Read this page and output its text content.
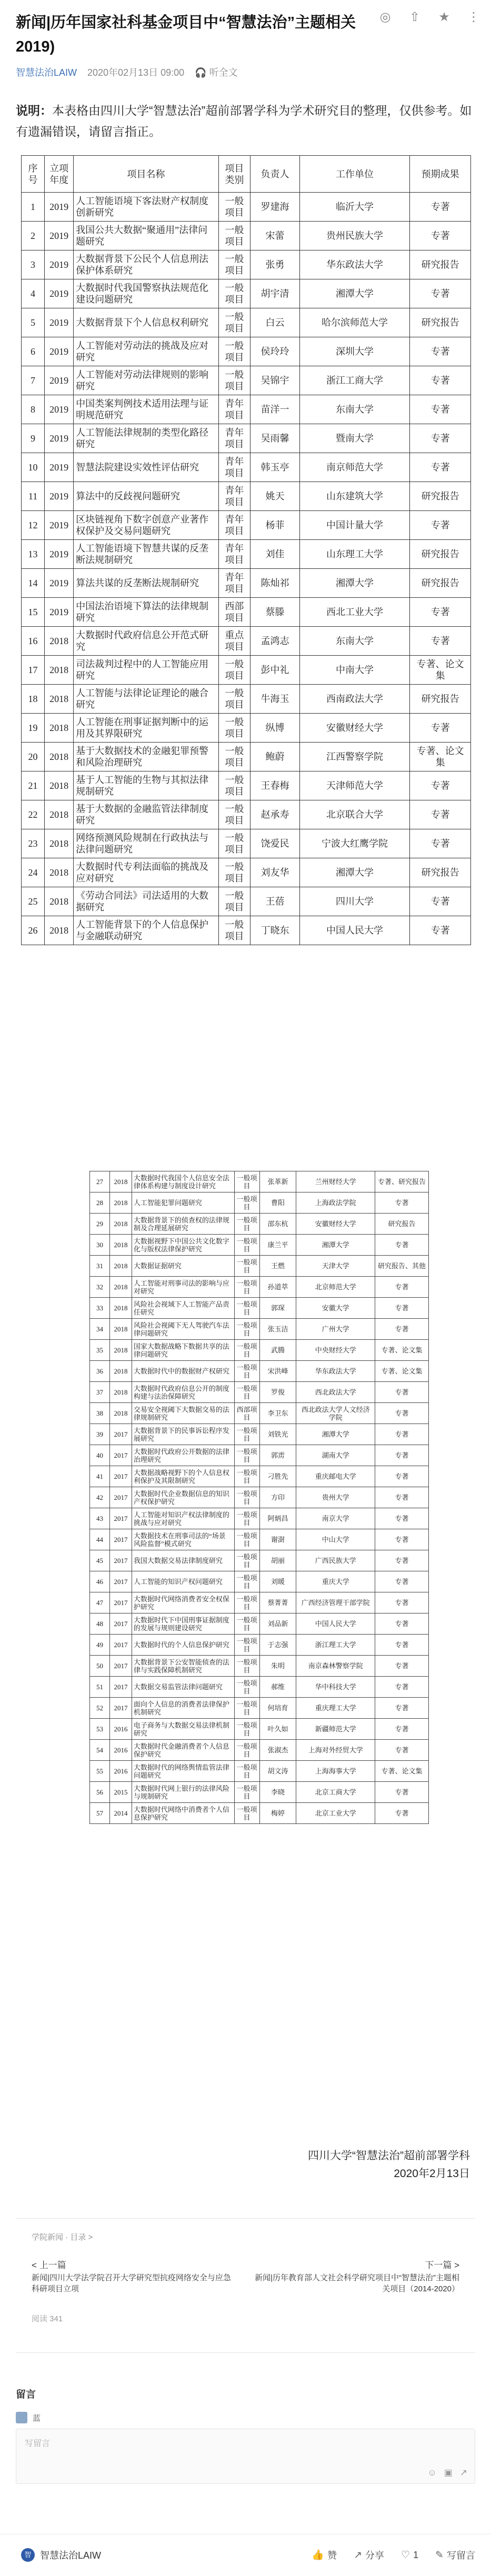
新闻|历年国家社科基金项目中“智慧法治”主题相关 2019)
◎ ⇧ ★ ⋮
智慧法治LAIW 2020年02月13日 09:00 🎧 听全文
说明：本表格由四川大学“智慧法治”超前部署学科为学术研究目的整理，仅供参考。如有遗漏错误，请留言指正。
序号	立项年度	项目名称	项目类别	负责人	工作单位	预期成果
1	2019	人工智能语境下客法财产权制度创新研究	一般项目	罗建海	临沂大学	专著
2	2019	我国公共大数据“聚通用”法律问题研究	一般项目	宋蕾	贵州民族大学	专著
3	2019	大数据背景下公民个人信息刑法保护体系研究	一般项目	张勇	华东政法大学	研究报告
4	2019	大数据时代我国警察执法规范化建设问题研究	一般项目	胡宇清	湘潭大学	专著
5	2019	大数据背景下个人信息权利研究	一般项目	白云	哈尔滨师范大学	研究报告
6	2019	人工智能对劳动法的挑战及应对研究	一般项目	侯玲玲	深圳大学	专著
7	2019	人工智能对劳动法律规则的影响研究	一般项目	吴锦宇	浙江工商大学	专著
8	2019	中国类案判例技术适用法理与证明规范研究	青年项目	苗洋一	东南大学	专著
9	2019	人工智能法律规制的类型化路径研究	青年项目	吴雨馨	暨南大学	专著
10	2019	智慧法院建设实效性评估研究	青年项目	韩玉亭	南京师范大学	专著
11	2019	算法中的反歧视问题研究	青年项目	姚天	山东建筑大学	研究报告
12	2019	区块链视角下数字创意产业著作权保护及交易问题研究	青年项目	杨菲	中国计量大学	专著
13	2019	人工智能语境下智慧共谋的反垄断法规制研究	青年项目	刘佳	山东理工大学	研究报告
14	2019	算法共谋的反垄断法规制研究	青年项目	陈灿祁	湘潭大学	研究报告
15	2019	中国法治语境下算法的法律规制研究	西部项目	蔡滕	西北工业大学	专著
16	2018	大数据时代政府信息公开范式研究	重点项目	孟鸿志	东南大学	专著
17	2018	司法裁判过程中的人工智能应用研究	一般项目	彭中礼	中南大学	专著、论文集
18	2018	人工智能与法律论证理论的融合研究	一般项目	牛海玉	西南政法大学	研究报告
19	2018	人工智能在刑事证据判断中的运用及其界限研究	一般项目	纵博	安徽财经大学	专著
20	2018	基于大数据技术的金融犯罪预警和风险治理研究	一般项目	鲍蔚	江西警察学院	专著、论文集
21	2018	基于人工智能的生物与其拟法律规制研究	一般项目	王春梅	天津师范大学	专著
22	2018	基于大数据的金融监管法律制度研究	一般项目	赵承寿	北京联合大学	专著
23	2018	网络预测风险规制在行政执法与法律问题研究	一般项目	饶爱民	宁波大红鹰学院	专著
24	2018	大数据时代专利法面临的挑战及应对研究	一般项目	刘友华	湘潭大学	研究报告
25	2018	《劳动合同法》司法适用的大数据研究	一般项目	王蓓	四川大学	专著
26	2018	人工智能背景下的个人信息保护与金融联动研究	一般项目	丁晓东	中国人民大学	专著
27	2018	大数据时代我国个人信息安全法律体系构建与制度设计研究	一般项目	张革新	兰州财经大学	专著、研究报告
28	2018	人工智能犯罪问题研究	一般项目	曹阳	上海政法学院	专著
29	2018	大数据背景下的侦查权的法律规制及合理延展研究	一般项目	邵东杭	安徽财经大学	研究报告
30	2018	大数据视野下中国公共文化数字化与版权法律保护研究	一般项目	康兰平	湘潭大学	专著
31	2018	大数据证据研究	一般项目	王燃	天津大学	研究报告、其他
32	2018	人工智能对刑事司法的影响与应对研究	一般项目	孙道萃	北京师范大学	专著
33	2018	风险社会视域下人工智能产品责任研究	一般项目	郭琛	安徽大学	专著
34	2018	风险社会视阈下无人驾驶汽车法律问题研究	一般项目	张玉洁	广州大学	专著
35	2018	国家大数据战略下数据共享的法律问题研究	一般项目	武腾	中央财经大学	专著、论文集
36	2018	大数据时代中的数据财产权研究	一般项目	宋洪峰	华东政法大学	专著、论文集
37	2018	大数据时代政府信息公开的制度构建与法治保障研究	一般项目	罗俊	西北政法大学	专著
38	2018	交易安全视阈下大数据交易的法律规制研究	西部项目	李卫东	西北政法大学人文经济学院	专著
39	2017	大数据背景下的民事诉讼程序发展研究	一般项目	刘铁光	湘潭大学	专著
40	2017	大数据时代政府公开数据的法律治理研究	一般项目	郭雳	湖南大学	专著
41	2017	大数据战略视野下的个人信息权利保护及其限制研究	一般项目	刁胜先	重庆邮电大学	专著
42	2017	大数据时代企业数据信息的知识产权保护研究	一般项目	方印	贵州大学	专著
43	2017	人工智能对知识产权法律制度的挑战与应对研究	一般项目	阿炳昌	南京大学	专著
44	2017	大数据技术在刑事司法的“场景风险监督”模式研究	一般项目	谢澍	中山大学	专著
45	2017	我国大数据交易法律制度研究	一般项目	胡丽	广西民族大学	专著
46	2017	人工智能的知识产权问题研究	一般项目	刘暖	重庆大学	专著
47	2017	大数据时代网络消费者安全权保护研究	一般项目	蔡菁菁	广西经济管理干部学院	专著
48	2017	大数据时代下中国刑事证据制度的发展与规则建设研究	一般项目	刘品新	中国人民大学	专著
49	2017	大数据时代的个人信息保护研究	一般项目	于志强	浙江理工大学	专著
50	2017	大数据背景下公安智能侦查的法律与实践保障机制研究	一般项目	朱明	南京森林警察学院	专著
51	2017	大数据交易监管法律问题研究	一般项目	郝维	华中科技大学	专著
52	2017	面向个人信息的消费者法律保护机制研究	一般项目	何培育	重庆理工大学	专著
53	2016	电子商务与大数据交易法律机制研究	一般项目	叶久如	新疆师范大学	专著
54	2016	大数据时代金融消费者个人信息保护研究	一般项目	张淑杰	上海对外经贸大学	专著
55	2016	大数据时代的网络舆情监管法律问题研究	一般项目	胡文涛	上海海事大学	专著、论文集
56	2015	大数据时代网上银行的法律风险与规制研究	一般项目	李晓	北京工商大学	专著
57	2014	大数据时代网络中消费者个人信息保护研究	一般项目	梅婷	北京工业大学	专著
四川大学“智慧法治”超前部署学科
2020年2月13日
学院新闻 · 目录 >
< 上一篇
新闻|四川大学法学院召开大学研究型抗疫网络安全与应急科研项目立项
下一篇 >
新闻|历年教育部人文社会科学研究项目中“智慧法治”主题相关项目（2014-2020）
阅读 341
留言
蓝
写留言
☺ ▣ ↗
智 智慧法治LAIW	👍 赞 ↗ 分享 ♡ 1 ✎ 写留言
